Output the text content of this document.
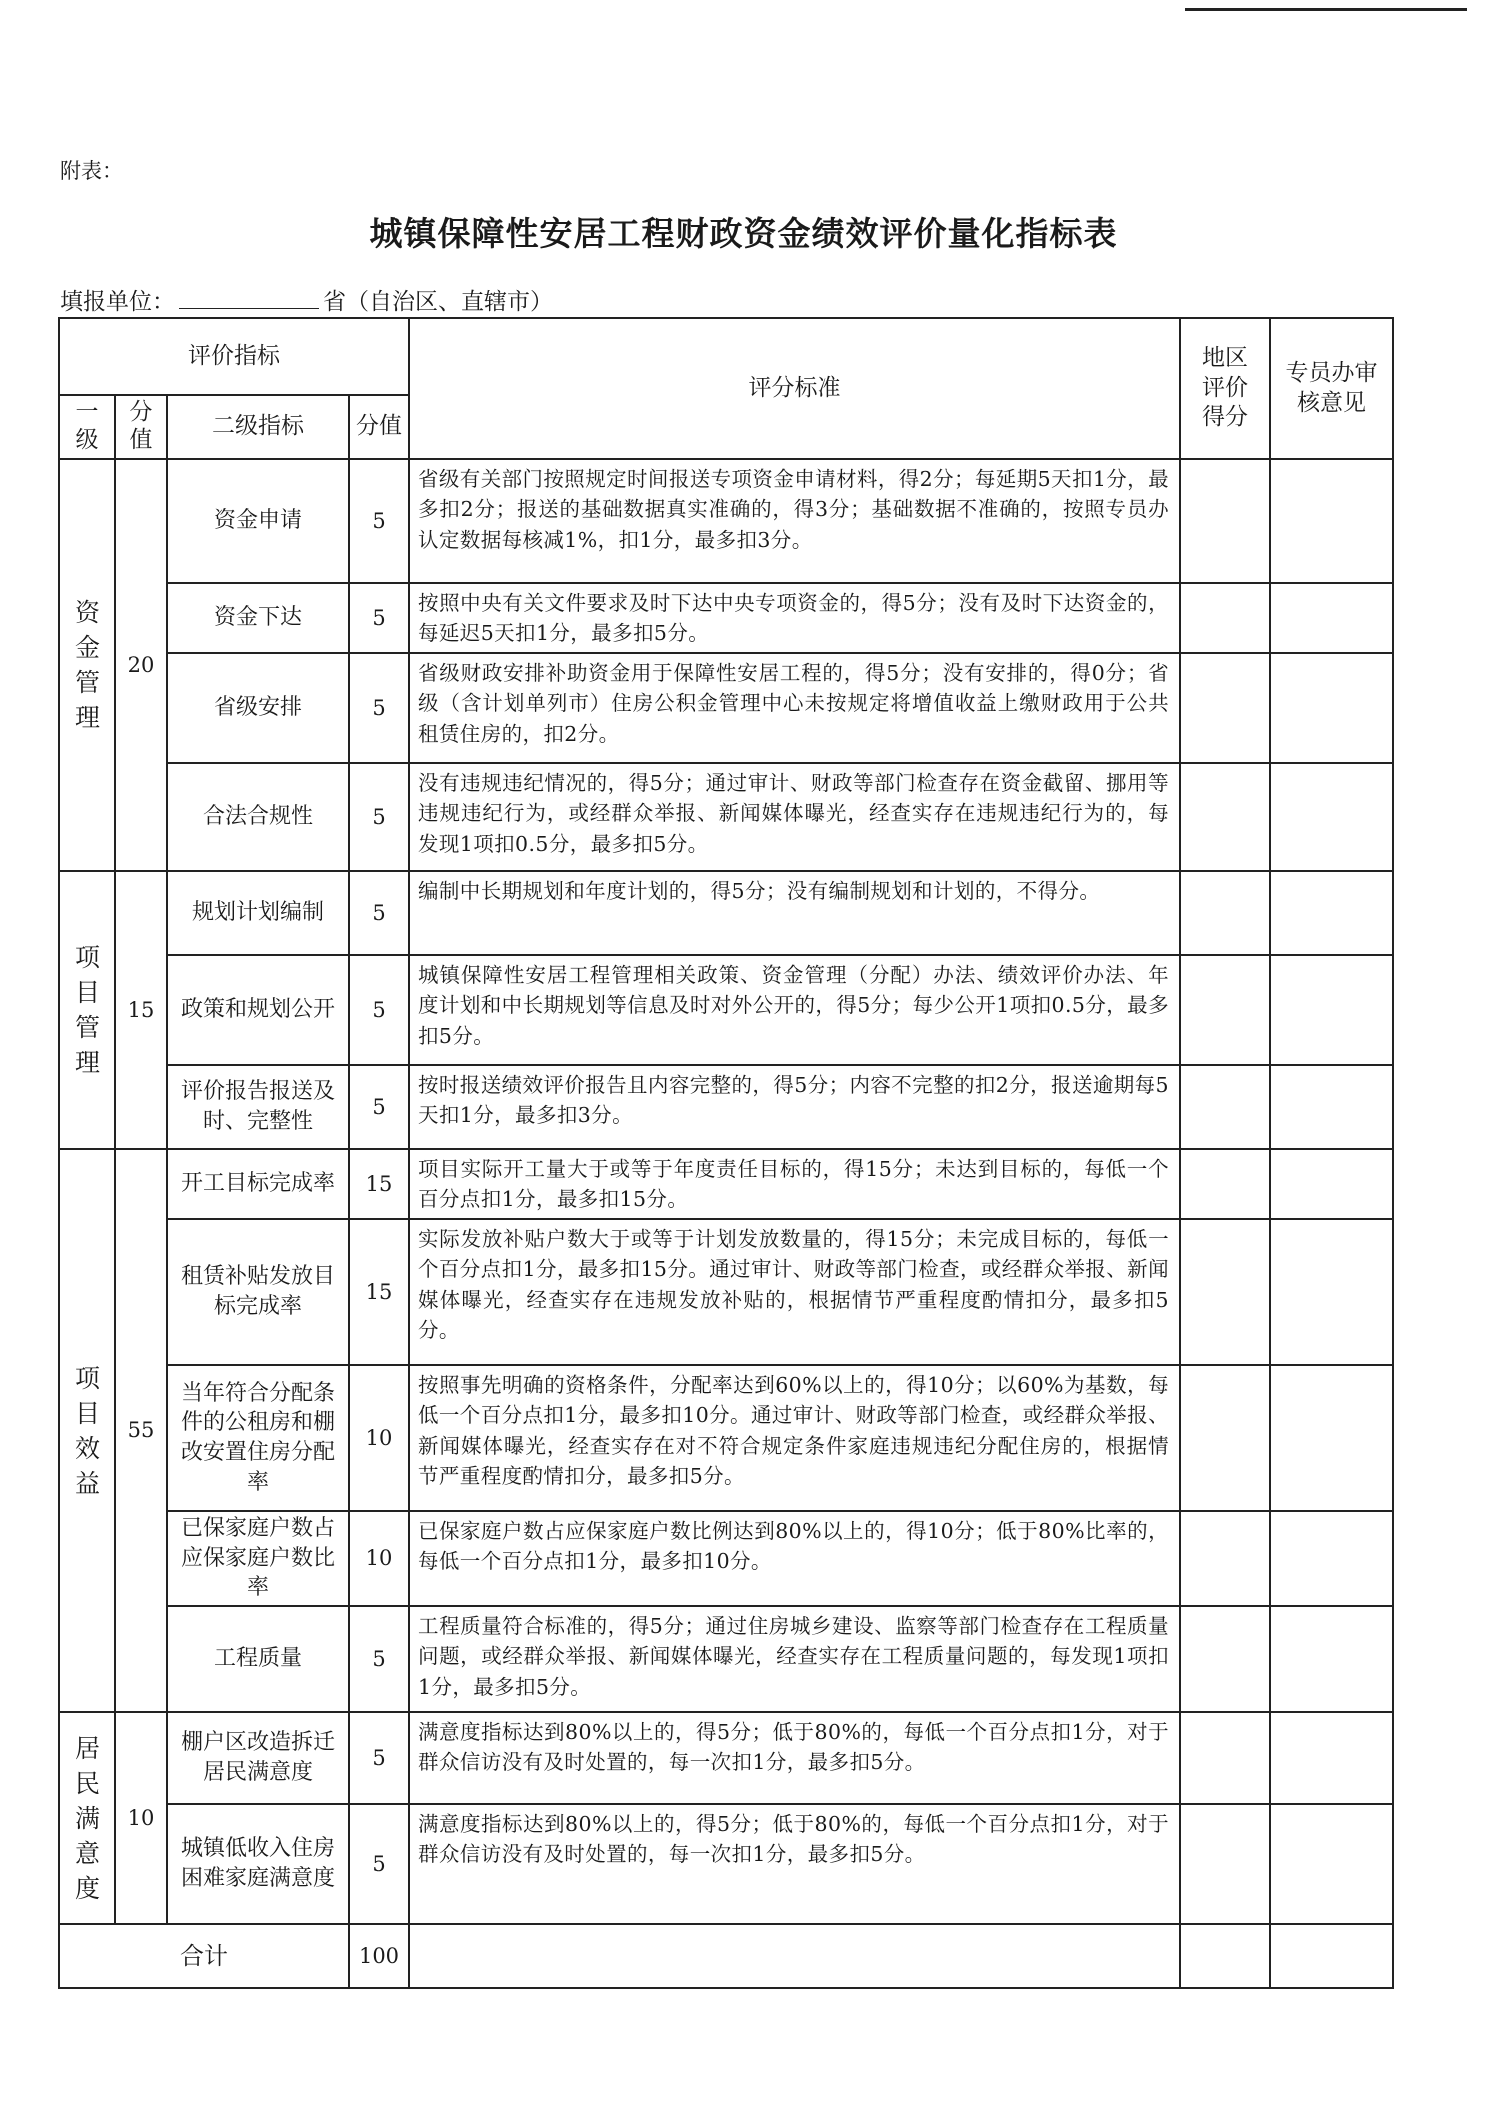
附表：
城镇保障性安居工程财政资金绩效评价量化指标表
填报单位：	省（自治区、直辖市）
评价指标				评分标准	地区评价得分	专员办审核意见
一级	分值	二级指标	分值			
资金管理	20	资金申请	5	省级有关部门按照规定时间报送专项资金申请材料，得2分；每延期5天扣1分，最多扣2分；报送的基础数据真实准确的，得3分；基础数据不准确的，按照专员办认定数据每核减1%，扣1分，最多扣3分。		
		资金下达	5	按照中央有关文件要求及时下达中央专项资金的，得5分；没有及时下达资金的，每延迟5天扣1分，最多扣5分。		
		省级安排	5	省级财政安排补助资金用于保障性安居工程的，得5分；没有安排的，得0分；省级（含计划单列市）住房公积金管理中心未按规定将增值收益上缴财政用于公共租赁住房的，扣2分。		
		合法合规性	5	没有违规违纪情况的，得5分；通过审计、财政等部门检查存在资金截留、挪用等违规违纪行为，或经群众举报、新闻媒体曝光，经查实存在违规违纪行为的，每发现1项扣0.5分，最多扣5分。		
项目管理	15	规划计划编制	5	编制中长期规划和年度计划的，得5分；没有编制规划和计划的，不得分。		
		政策和规划公开	5	城镇保障性安居工程管理相关政策、资金管理（分配）办法、绩效评价办法、年度计划和中长期规划等信息及时对外公开的，得5分；每少公开1项扣0.5分，最多扣5分。		
		评价报告报送及时、完整性	5	按时报送绩效评价报告且内容完整的，得5分；内容不完整的扣2分，报送逾期每5天扣1分，最多扣3分。		
项目效益	55	开工目标完成率	15	项目实际开工量大于或等于年度责任目标的，得15分；未达到目标的，每低一个百分点扣1分，最多扣15分。		
		租赁补贴发放目标完成率	15	实际发放补贴户数大于或等于计划发放数量的，得15分；未完成目标的，每低一个百分点扣1分，最多扣15分。通过审计、财政等部门检查，或经群众举报、新闻媒体曝光，经查实存在违规发放补贴的，根据情节严重程度酌情扣分，最多扣5分。		
		当年符合分配条件的公租房和棚改安置住房分配率	10	按照事先明确的资格条件，分配率达到60%以上的，得10分；以60%为基数，每低一个百分点扣1分，最多扣10分。通过审计、财政等部门检查，或经群众举报、新闻媒体曝光，经查实存在对不符合规定条件家庭违规违纪分配住房的，根据情节严重程度酌情扣分，最多扣5分。		
		已保家庭户数占应保家庭户数比率	10	已保家庭户数占应保家庭户数比例达到80%以上的，得10分；低于80%比率的，每低一个百分点扣1分，最多扣10分。		
		工程质量	5	工程质量符合标准的，得5分；通过住房城乡建设、监察等部门检查存在工程质量问题，或经群众举报、新闻媒体曝光，经查实存在工程质量问题的，每发现1项扣1分，最多扣5分。		
居民满意度	10	棚户区改造拆迁居民满意度	5	满意度指标达到80%以上的，得5分；低于80%的，每低一个百分点扣1分，对于群众信访没有及时处置的，每一次扣1分，最多扣5分。		
		城镇低收入住房困难家庭满意度	5	满意度指标达到80%以上的，得5分；低于80%的，每低一个百分点扣1分，对于群众信访没有及时处置的，每一次扣1分，最多扣5分。		
合计			100			
